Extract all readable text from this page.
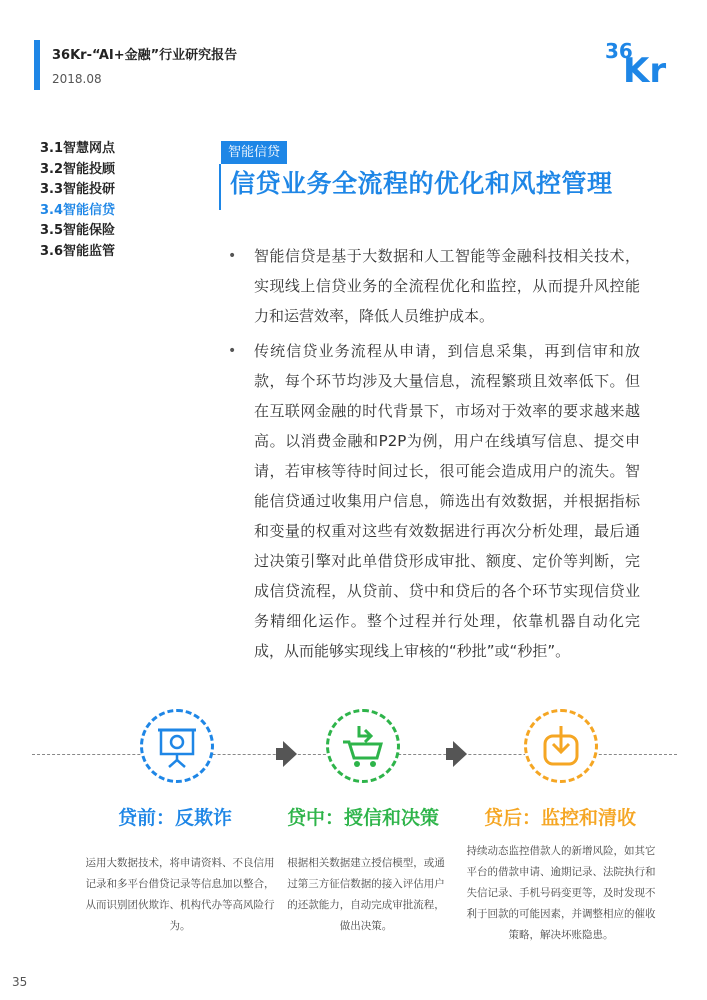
36Kr-“AI+金融”行业研究报告
2018.08
36
Kr
3.1智慧网点
3.2智能投顾
3.3智能投研
3.4智能信贷
3.5智能保险
3.6智能监管
智能信贷
信贷业务全流程的优化和风控管理
• 智能信贷是基于大数据和人工智能等金融科技相关技术，实现线上信贷业务的全流程优化和监控，从而提升风控能力和运营效率，降低人员维护成本。
• 传统信贷业务流程从申请，到信息采集，再到信审和放款，每个环节均涉及大量信息，流程繁琐且效率低下。但在互联网金融的时代背景下，市场对于效率的要求越来越高。以消费金融和P2P为例，用户在线填写信息、提交申请，若审核等待时间过长，很可能会造成用户的流失。智能信贷通过收集用户信息，筛选出有效数据，并根据指标和变量的权重对这些有效数据进行再次分析处理，最后通过决策引擎对此单借贷形成审批、额度、定价等判断，完成信贷流程，从贷前、贷中和贷后的各个环节实现信贷业务精细化运作。整个过程并行处理，依靠机器自动化完成，从而能够实现线上审核的“秒批”或“秒拒”。
贷前：反欺诈
运用大数据技术，将申请资料、不良信用记录和多平台借贷记录等信息加以整合，从而识别团伙欺诈、机构代办等高风险行为。
贷中：授信和决策
根据相关数据建立授信模型，或通过第三方征信数据的接入评估用户的还款能力，自动完成审批流程，做出决策。
贷后：监控和清收
持续动态监控借款人的新增风险，如其它平台的借款申请、逾期记录、法院执行和失信记录、手机号码变更等，及时发现不利于回款的可能因素，并调整相应的催收策略，解决坏账隐患。
35
